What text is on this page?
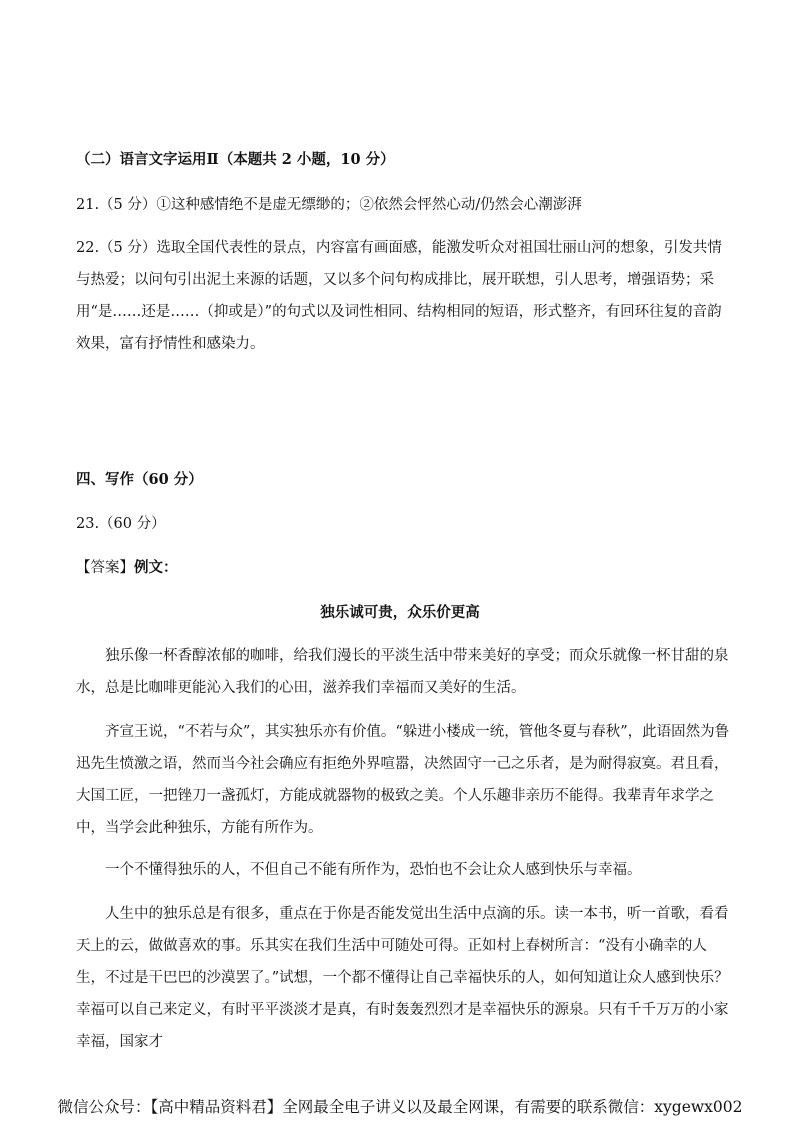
（二）语言文字运用Ⅱ（本题共 2 小题，10 分）
21.（5 分）①这种感情绝不是虚无缥缈的；②依然会怦然心动/仍然会心潮澎湃
22.（5 分）选取全国代表性的景点，内容富有画面感，能激发听众对祖国壮丽山河的想象，引发共情与热爱；以问句引出泥土来源的话题，又以多个问句构成排比，展开联想，引人思考，增强语势；采用“是……还是……（抑或是）”的句式以及词性相同、结构相同的短语，形式整齐，有回环往复的音韵效果，富有抒情性和感染力。
四、写作（60 分）
23.（60 分）
【答案】例文：
独乐诚可贵，众乐价更高
独乐像一杯香醇浓郁的咖啡，给我们漫长的平淡生活中带来美好的享受；而众乐就像一杯甘甜的泉水，总是比咖啡更能沁入我们的心田，滋养我们幸福而又美好的生活。
齐宣王说，“不若与众”，其实独乐亦有价值。“躲进小楼成一统，管他冬夏与春秋”，此语固然为鲁迅先生愤激之语，然而当今社会确应有拒绝外界喧嚣，决然固守一己之乐者，是为耐得寂寞。君且看，大国工匠，一把锉刀一盏孤灯，方能成就器物的极致之美。个人乐趣非亲历不能得。我辈青年求学之中，当学会此种独乐，方能有所作为。
一个不懂得独乐的人，不但自己不能有所作为，恐怕也不会让众人感到快乐与幸福。
人生中的独乐总是有很多，重点在于你是否能发觉出生活中点滴的乐。读一本书，听一首歌，看看天上的云，做做喜欢的事。乐其实在我们生活中可随处可得。正如村上春树所言：“没有小确幸的人生，不过是干巴巴的沙漠罢了。”试想，一个都不懂得让自己幸福快乐的人，如何知道让众人感到快乐？幸福可以自己来定义，有时平平淡淡才是真，有时轰轰烈烈才是幸福快乐的源泉。只有千千万万的小家幸福，国家才
微信公众号：【高中精品资料君】全网最全电子讲义以及最全网课，有需要的联系微信：xygewx002
